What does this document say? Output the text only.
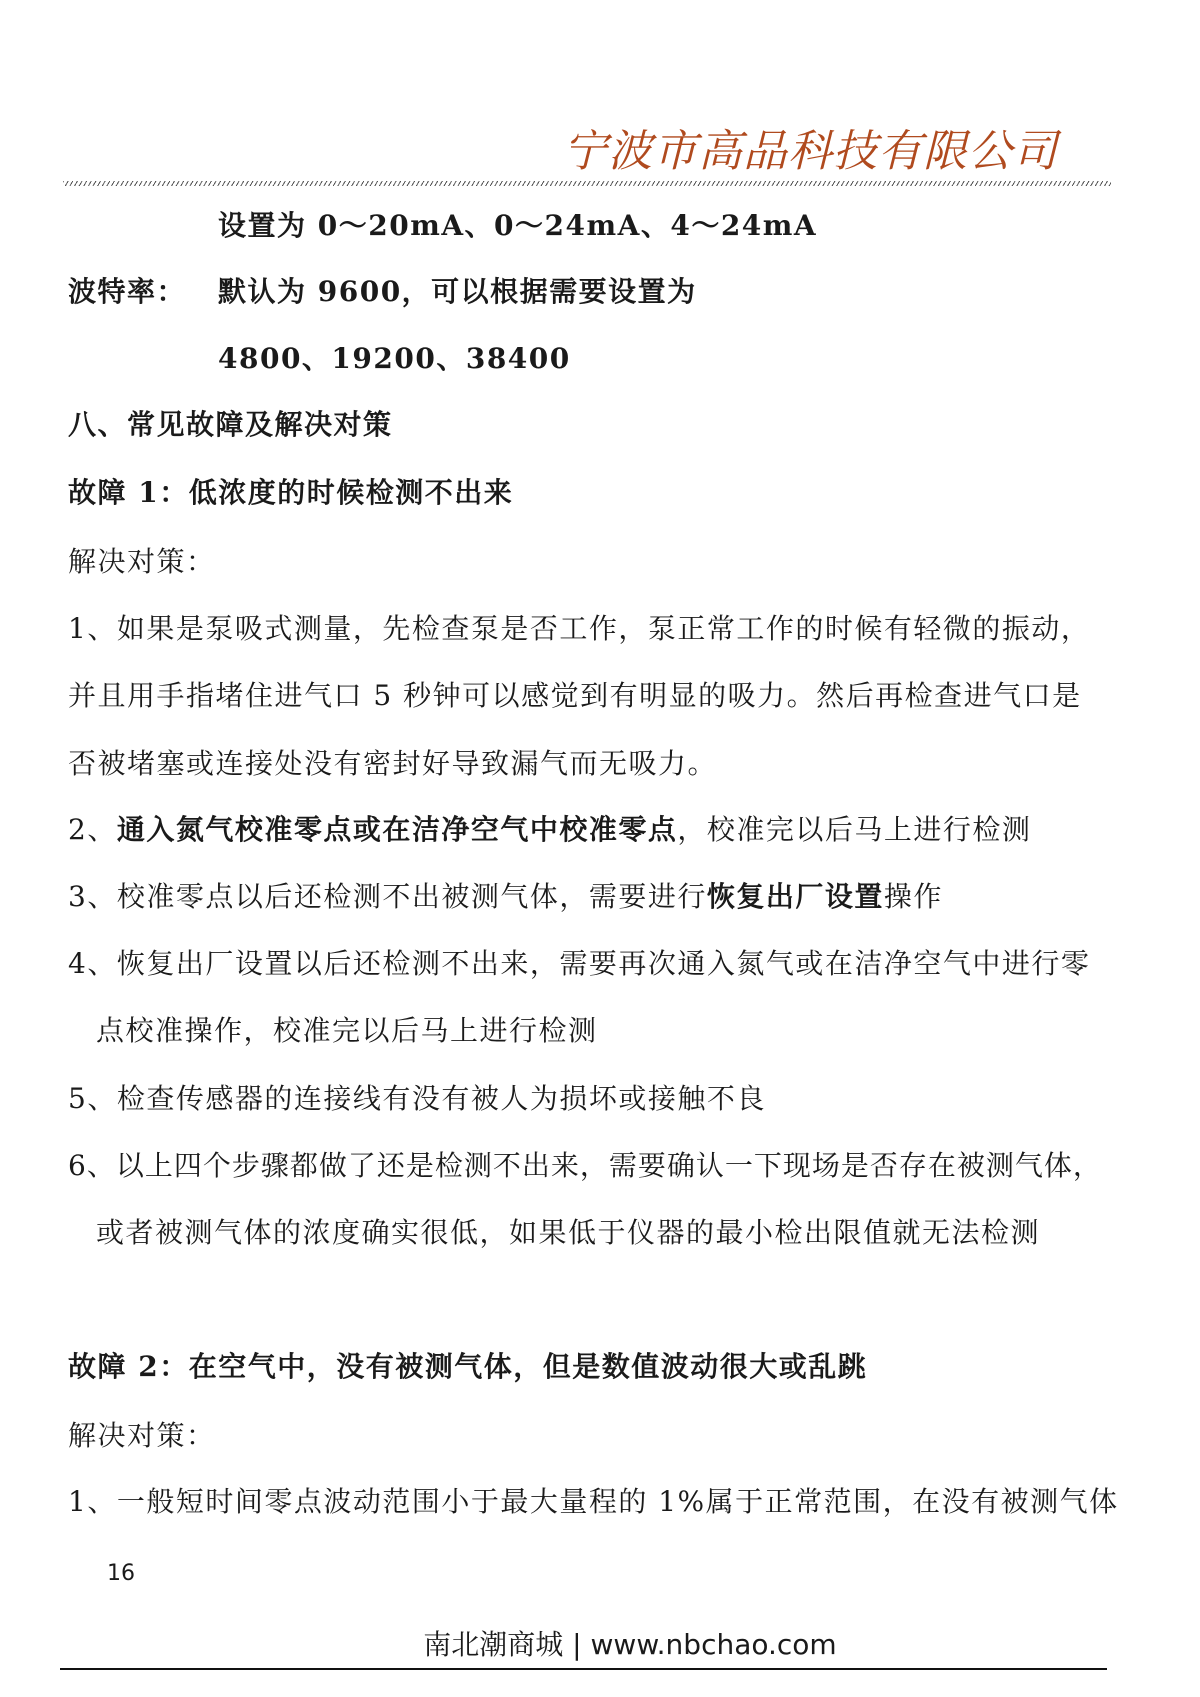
宁波市高品科技有限公司
设置为 0～20mA、0～24mA、4～24mA
波特率： 默认为 9600，可以根据需要设置为
4800、19200、38400
八、常见故障及解决对策
故障 1：低浓度的时候检测不出来
解决对策：
1、如果是泵吸式测量，先检查泵是否工作，泵正常工作的时候有轻微的振动，
并且用手指堵住进气口 5 秒钟可以感觉到有明显的吸力。然后再检查进气口是
否被堵塞或连接处没有密封好导致漏气而无吸力。
2、通入氮气校准零点或在洁净空气中校准零点，校准完以后马上进行检测
3、校准零点以后还检测不出被测气体，需要进行恢复出厂设置操作
4、恢复出厂设置以后还检测不出来，需要再次通入氮气或在洁净空气中进行零
点校准操作，校准完以后马上进行检测
5、检查传感器的连接线有没有被人为损坏或接触不良
6、以上四个步骤都做了还是检测不出来，需要确认一下现场是否存在被测气体，
或者被测气体的浓度确实很低，如果低于仪器的最小检出限值就无法检测
故障 2：在空气中，没有被测气体，但是数值波动很大或乱跳
解决对策：
1、一般短时间零点波动范围小于最大量程的 1%属于正常范围，在没有被测气体
16
南北潮商城 | www.nbchao.com
